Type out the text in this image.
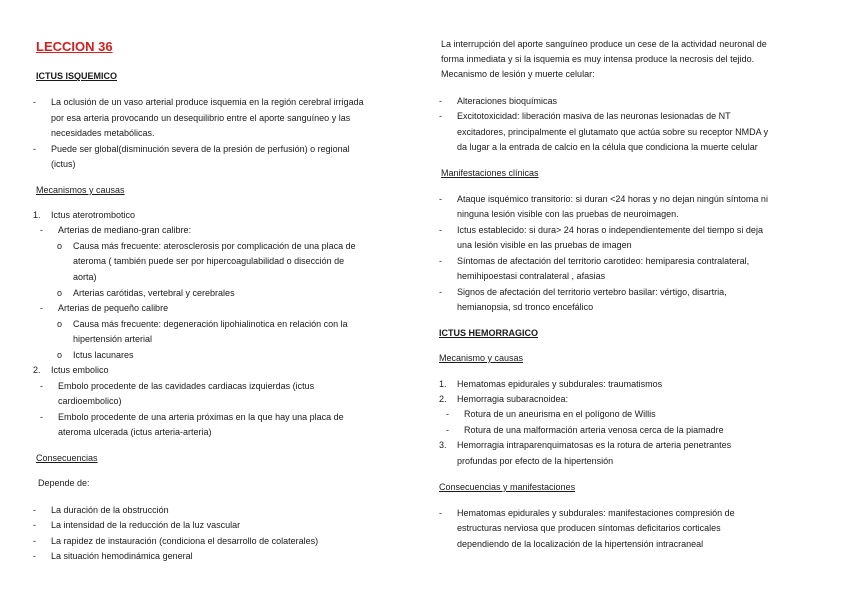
LECCION 36
ICTUS ISQUEMICO
- La oclusión de un vaso arterial produce isquemia en la región cerebral irrigada
por esa arteria provocando un desequilibrio entre el aporte sanguíneo y las
necesidades metabólicas.
- Puede ser global(disminución severa de la presión de perfusión) o regional
(ictus)
Mecanismos y causas
1. Ictus aterotrombotico
- Arterias de mediano-gran calibre:
o Causa más frecuente: aterosclerosis por complicación de una placa de
ateroma ( también puede ser por hipercoagulabilidad o disección de
aorta)
o Arterias carótidas, vertebral y cerebrales
- Arterias de pequeño calibre
o Causa más frecuente: degeneración lipohialinotica en relación con la
hipertensión arterial
o Ictus lacunares
2. Ictus embolico
- Embolo procedente de las cavidades cardiacas izquierdas (ictus
cardioembolico)
- Embolo procedente de una arteria próximas en la que hay una placa de
ateroma ulcerada (ictus arteria-arteria)
Consecuencias
Depende de:
- La duración de la obstrucción
- La intensidad de la reducción de la luz vascular
- La rapidez de instauración (condiciona el desarrollo de colaterales)
- La situación hemodinámica general
La interrupción del aporte sanguíneo produce un cese de la actividad neuronal de
forma inmediata y si la isquemia es muy intensa produce la necrosis del tejido.
Mecanismo de lesión y muerte celular:
- Alteraciones bioquímicas
- Excitotoxicidad: liberación masiva de las neuronas lesionadas de NT
excitadores, principalmente el glutamato que actúa sobre su receptor NMDA y
da lugar a la entrada de calcio en la célula que condiciona la muerte celular
Manifestaciones clínicas
- Ataque isquémico transitorio: si duran <24 horas y no dejan ningún síntoma ni
ninguna lesión visible con las pruebas de neuroimagen.
- Ictus establecido: si dura> 24 horas o independientemente del tiempo si deja
una lesión visible en las pruebas de imagen
- Síntomas de afectación del territorio carotideo: hemiparesia contralateral,
hemihipoestasi contralateral , afasias
- Signos de afectación del territorio vertebro basilar: vértigo, disartria,
hemianopsia, sd tronco encefálico
ICTUS HEMORRAGICO
Mecanismo y causas
1. Hematomas epidurales y subdurales: traumatismos
2. Hemorragia subaracnoidea:
- Rotura de un aneurisma en el polígono de Willis
- Rotura de una malformación arteria venosa cerca de la piamadre
3. Hemorragia intraparenquimatosas es la rotura de arteria penetrantes
profundas por efecto de la hipertensión
Consecuencias y manifestaciones
- Hematomas epidurales y subdurales: manifestaciones compresión de
estructuras nerviosa que producen síntomas deficitarios corticales
dependiendo de la localización de la hipertensión intracraneal
